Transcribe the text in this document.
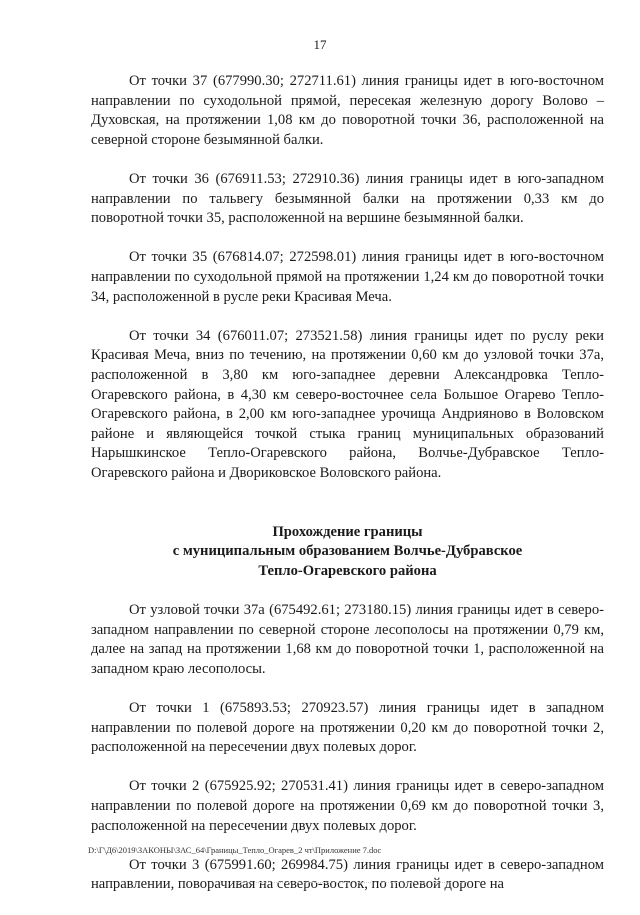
17

От точки 37 (677990.30; 272711.61) линия границы идет в юго-восточном направлении по суходольной прямой, пересекая железную дорогу Волово – Духовская, на протяжении 1,08 км до поворотной точки 36, расположенной на северной стороне безымянной балки.

От точки 36 (676911.53; 272910.36) линия границы идет в юго-западном направлении по тальвегу безымянной балки на протяжении 0,33 км до поворотной точки 35, расположенной на вершине безымянной балки.

От точки 35 (676814.07; 272598.01) линия границы идет в юго-восточном направлении по суходольной прямой на протяжении 1,24 км до поворотной точки 34, расположенной в русле реки Красивая Меча.

От точки 34 (676011.07; 273521.58) линия границы идет по руслу реки Красивая Меча, вниз по течению, на протяжении 0,60 км до узловой точки 37а, расположенной в 3,80 км юго-западнее деревни Александровка Тепло-Огаревского района, в 4,30 км северо-восточнее села Большое Огарево Тепло-Огаревского района, в 2,00 км юго-западнее урочища Андрияново в Воловском районе и являющейся точкой стыка границ муниципальных образований Нарышкинское Тепло-Огаревского района, Волчье-Дубравское Тепло-Огаревского района и Двориковское Воловского района.

Прохождение границы
с муниципальным образованием Волчье-Дубравское
Тепло-Огаревского района

От узловой точки 37а (675492.61; 273180.15) линия границы идет в северо-западном направлении по северной стороне лесополосы на протяжении 0,79 км, далее на запад на протяжении 1,68 км до поворотной точки 1, расположенной на западном краю лесополосы.

От точки 1 (675893.53; 270923.57) линия границы идет в западном направлении по полевой дороге на протяжении 0,20 км до поворотной точки 2, расположенной на пересечении двух полевых дорог.

От точки 2 (675925.92; 270531.41) линия границы идет в северо-западном направлении по полевой дороге на протяжении 0,69 км до поворотной точки 3, расположенной на пересечении двух полевых дорог.

От точки 3 (675991.60; 269984.75) линия границы идет в северо-западном направлении, поворачивая на северо-восток, по полевой дороге на

D:\Г\Д6\2019\ЗАКОНЫ\ЗАС_64\Границы_Тепло_Огарев_2 чт\Приложение 7.doc
